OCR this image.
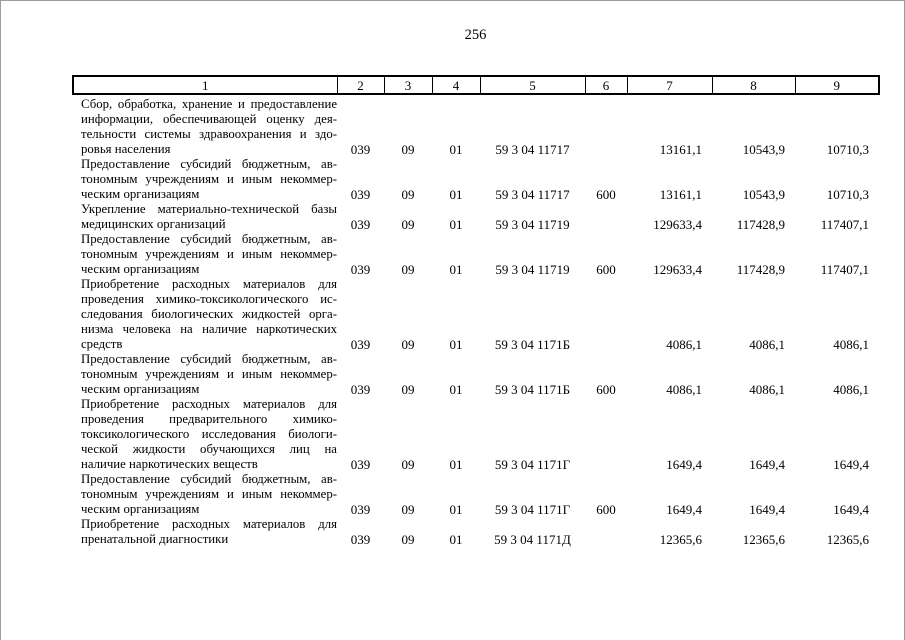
256
1	2	3	4	5	6	7	8	9

Сбор, обработка, хранение и предоставление
информации, обеспечивающей оценку дея-
тельности системы здравоохранения и здо-
ровья населения	039	09	01	59 3 04 11717		13161,1	10543,9	10710,3

Предоставление субсидий бюджетным, ав-
тономным учреждениям и иным некоммер-
ческим организациям	039	09	01	59 3 04 11717	600	13161,1	10543,9	10710,3

Укрепление материально-технической базы
медицинских организаций	039	09	01	59 3 04 11719		129633,4	117428,9	117407,1

Предоставление субсидий бюджетным, ав-
тономным учреждениям и иным некоммер-
ческим организациям	039	09	01	59 3 04 11719	600	129633,4	117428,9	117407,1

Приобретение расходных материалов для
проведения химико-токсикологического ис-
следования биологических жидкостей орга-
низма человека на наличие наркотических
средств	039	09	01	59 3 04 1171Б		4086,1	4086,1	4086,1

Предоставление субсидий бюджетным, ав-
тономным учреждениям и иным некоммер-
ческим организациям	039	09	01	59 3 04 1171Б	600	4086,1	4086,1	4086,1

Приобретение расходных материалов для
проведения предварительного химико-
токсикологического исследования биологи-
ческой жидкости обучающихся лиц на
наличие наркотических веществ	039	09	01	59 3 04 1171Г		1649,4	1649,4	1649,4

Предоставление субсидий бюджетным, ав-
тономным учреждениям и иным некоммер-
ческим организациям	039	09	01	59 3 04 1171Г	600	1649,4	1649,4	1649,4

Приобретение расходных материалов для
пренатальной диагностики	039	09	01	59 3 04 1171Д		12365,6	12365,6	12365,6
